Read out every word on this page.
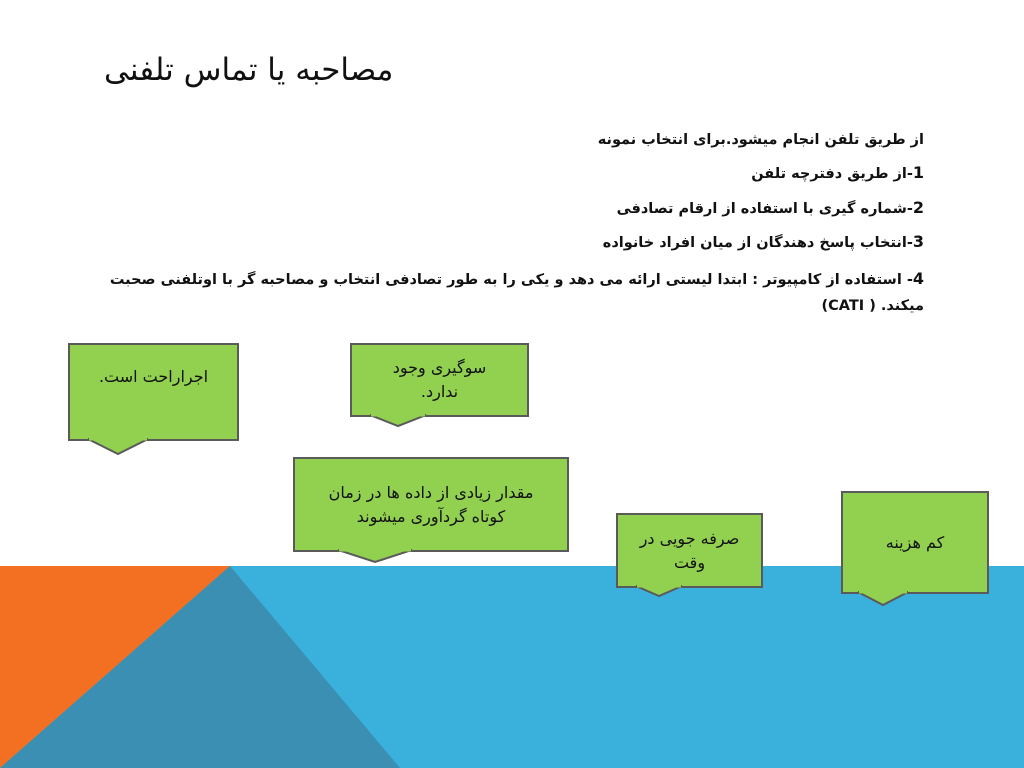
مصاحبه یا تماس تلفنی
از طریق تلفن انجام میشود.برای انتخاب نمونه
1-از طریق دفترچه تلفن
2-شماره گیری با استفاده از ارقام تصادفی
3-انتخاب پاسخ دهندگان از میان افراد خانواده
4- استفاده از کامپیوتر : ابتدا لیستی ارائه می دهد و یکی را به طور تصادفی انتخاب و مصاحبه گر با اوتلفنی صحبت میکند. ( CATI)
اجراراحت است.	سوگیری وجود ندارد.
مقدار زیادی از داده ها در زمان کوتاه گردآوری میشوند
صرفه جویی در وقت
کم هزینه
